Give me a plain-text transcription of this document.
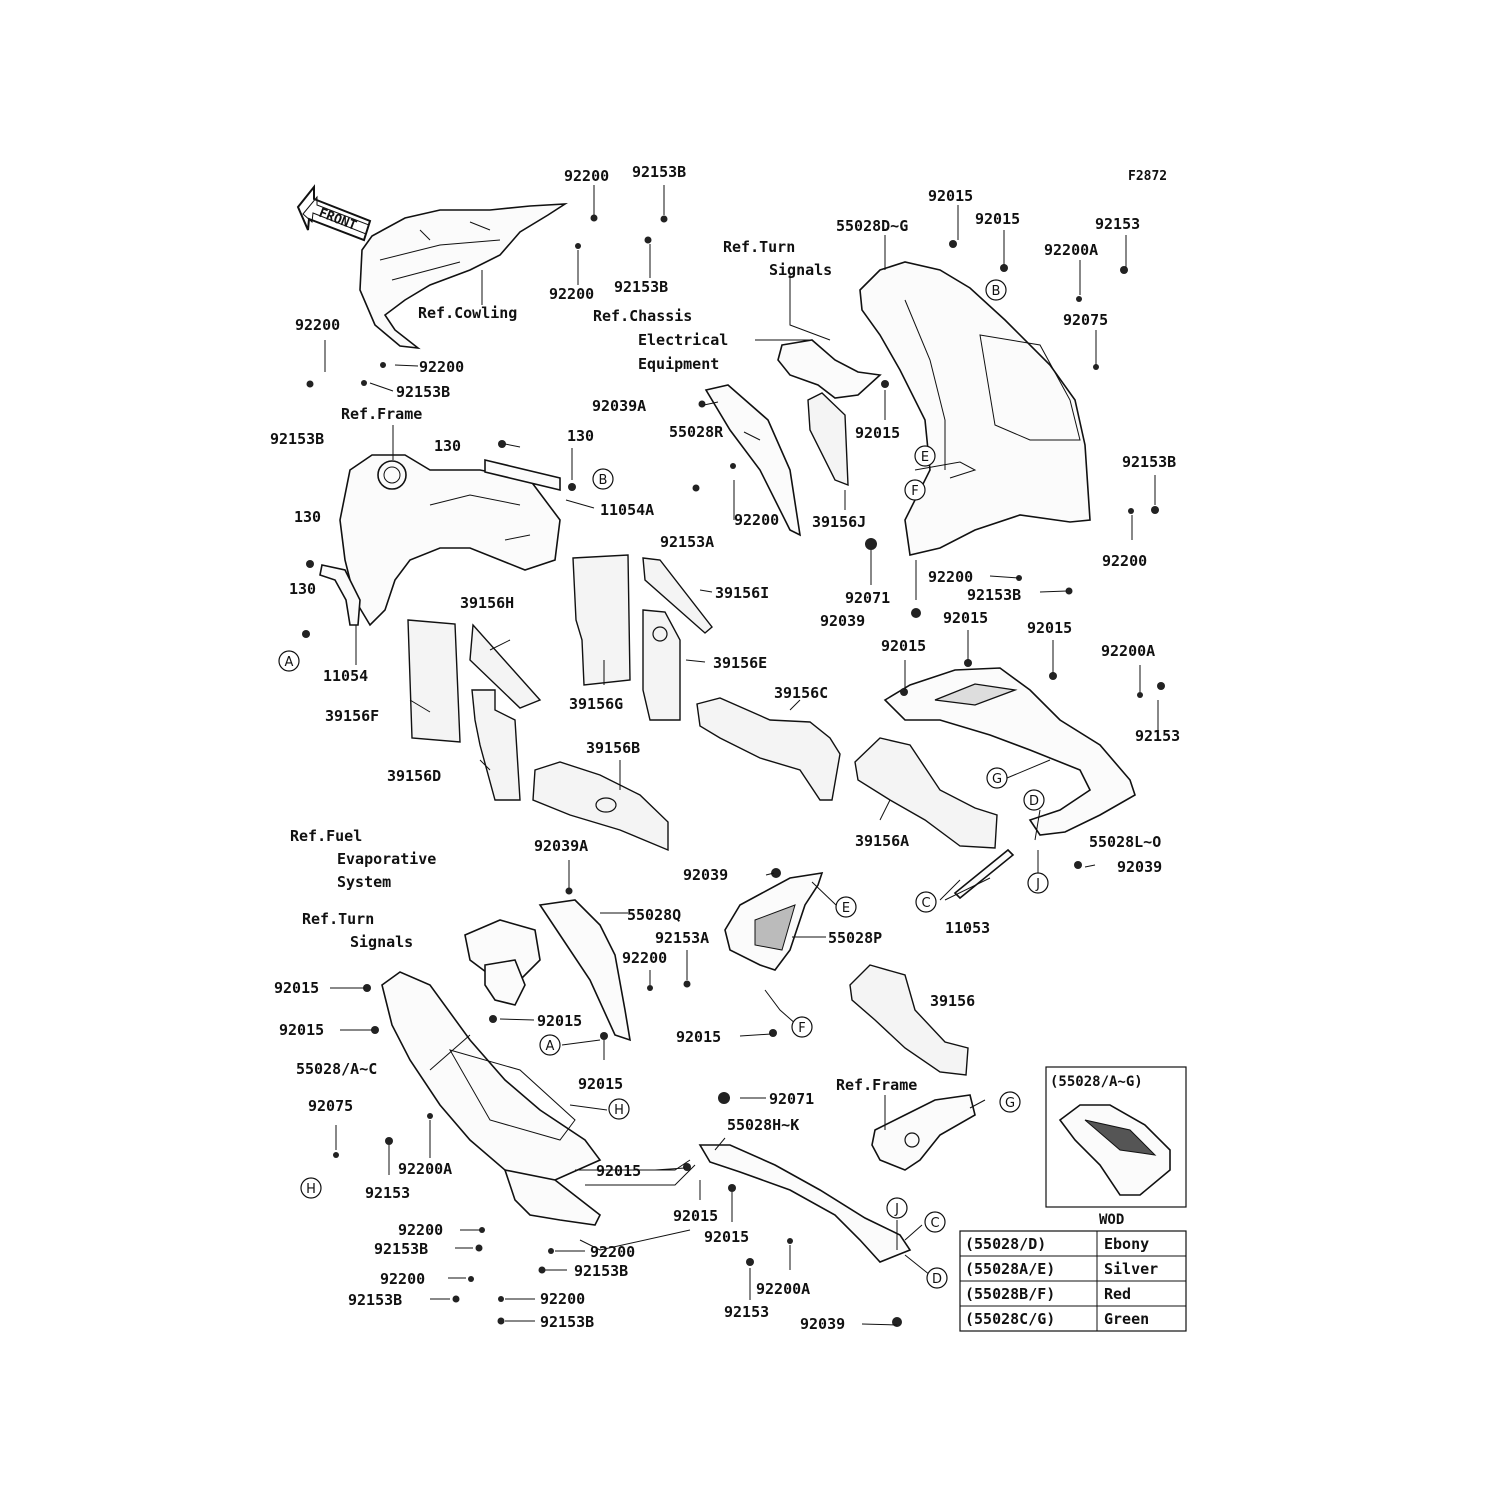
F2872
FRONT
92200 92153B
92200 92153B
Ref.Cowling
92200
92200
92153B
92153B
Ref.Frame
130
130
11054A
130
130
11054
39156H
39156F
39156D
39156G
39156I
39156E
39156C
39156B
Ref.Chassis
Electrical
Equipment
92039A
55028R
92200
92153A
Ref.Turn
Signals
55028D~G
92015
92015	92153
92200A
92075
92015
39156J
92153B
92200
92071
92039
92200
92153B
92015
92015
92015	92200A
92153
39156A	55028L~O
92039
11053
Ref.Fuel
Evaporative
System
92039A
Ref.Turn
Signals
55028Q
92153A
92200
92039
55028P
92015
92015	92015
55028/A~C
92015
92015
39156
92071
Ref.Frame
92075
92200A
92153
55028H~K
92015
92015
92015
92200
92153B	92200
92153B
92200
92153B	92200
92153B
92200A
92153
92039
B
B
A
E
F
G
D
C
J
E
F
A
H
H
G
J
C
D
(55028/A~G)
WOD
(55028/D)	Ebony
(55028A/E)	Silver
(55028B/F)	Red
(55028C/G)	Green
